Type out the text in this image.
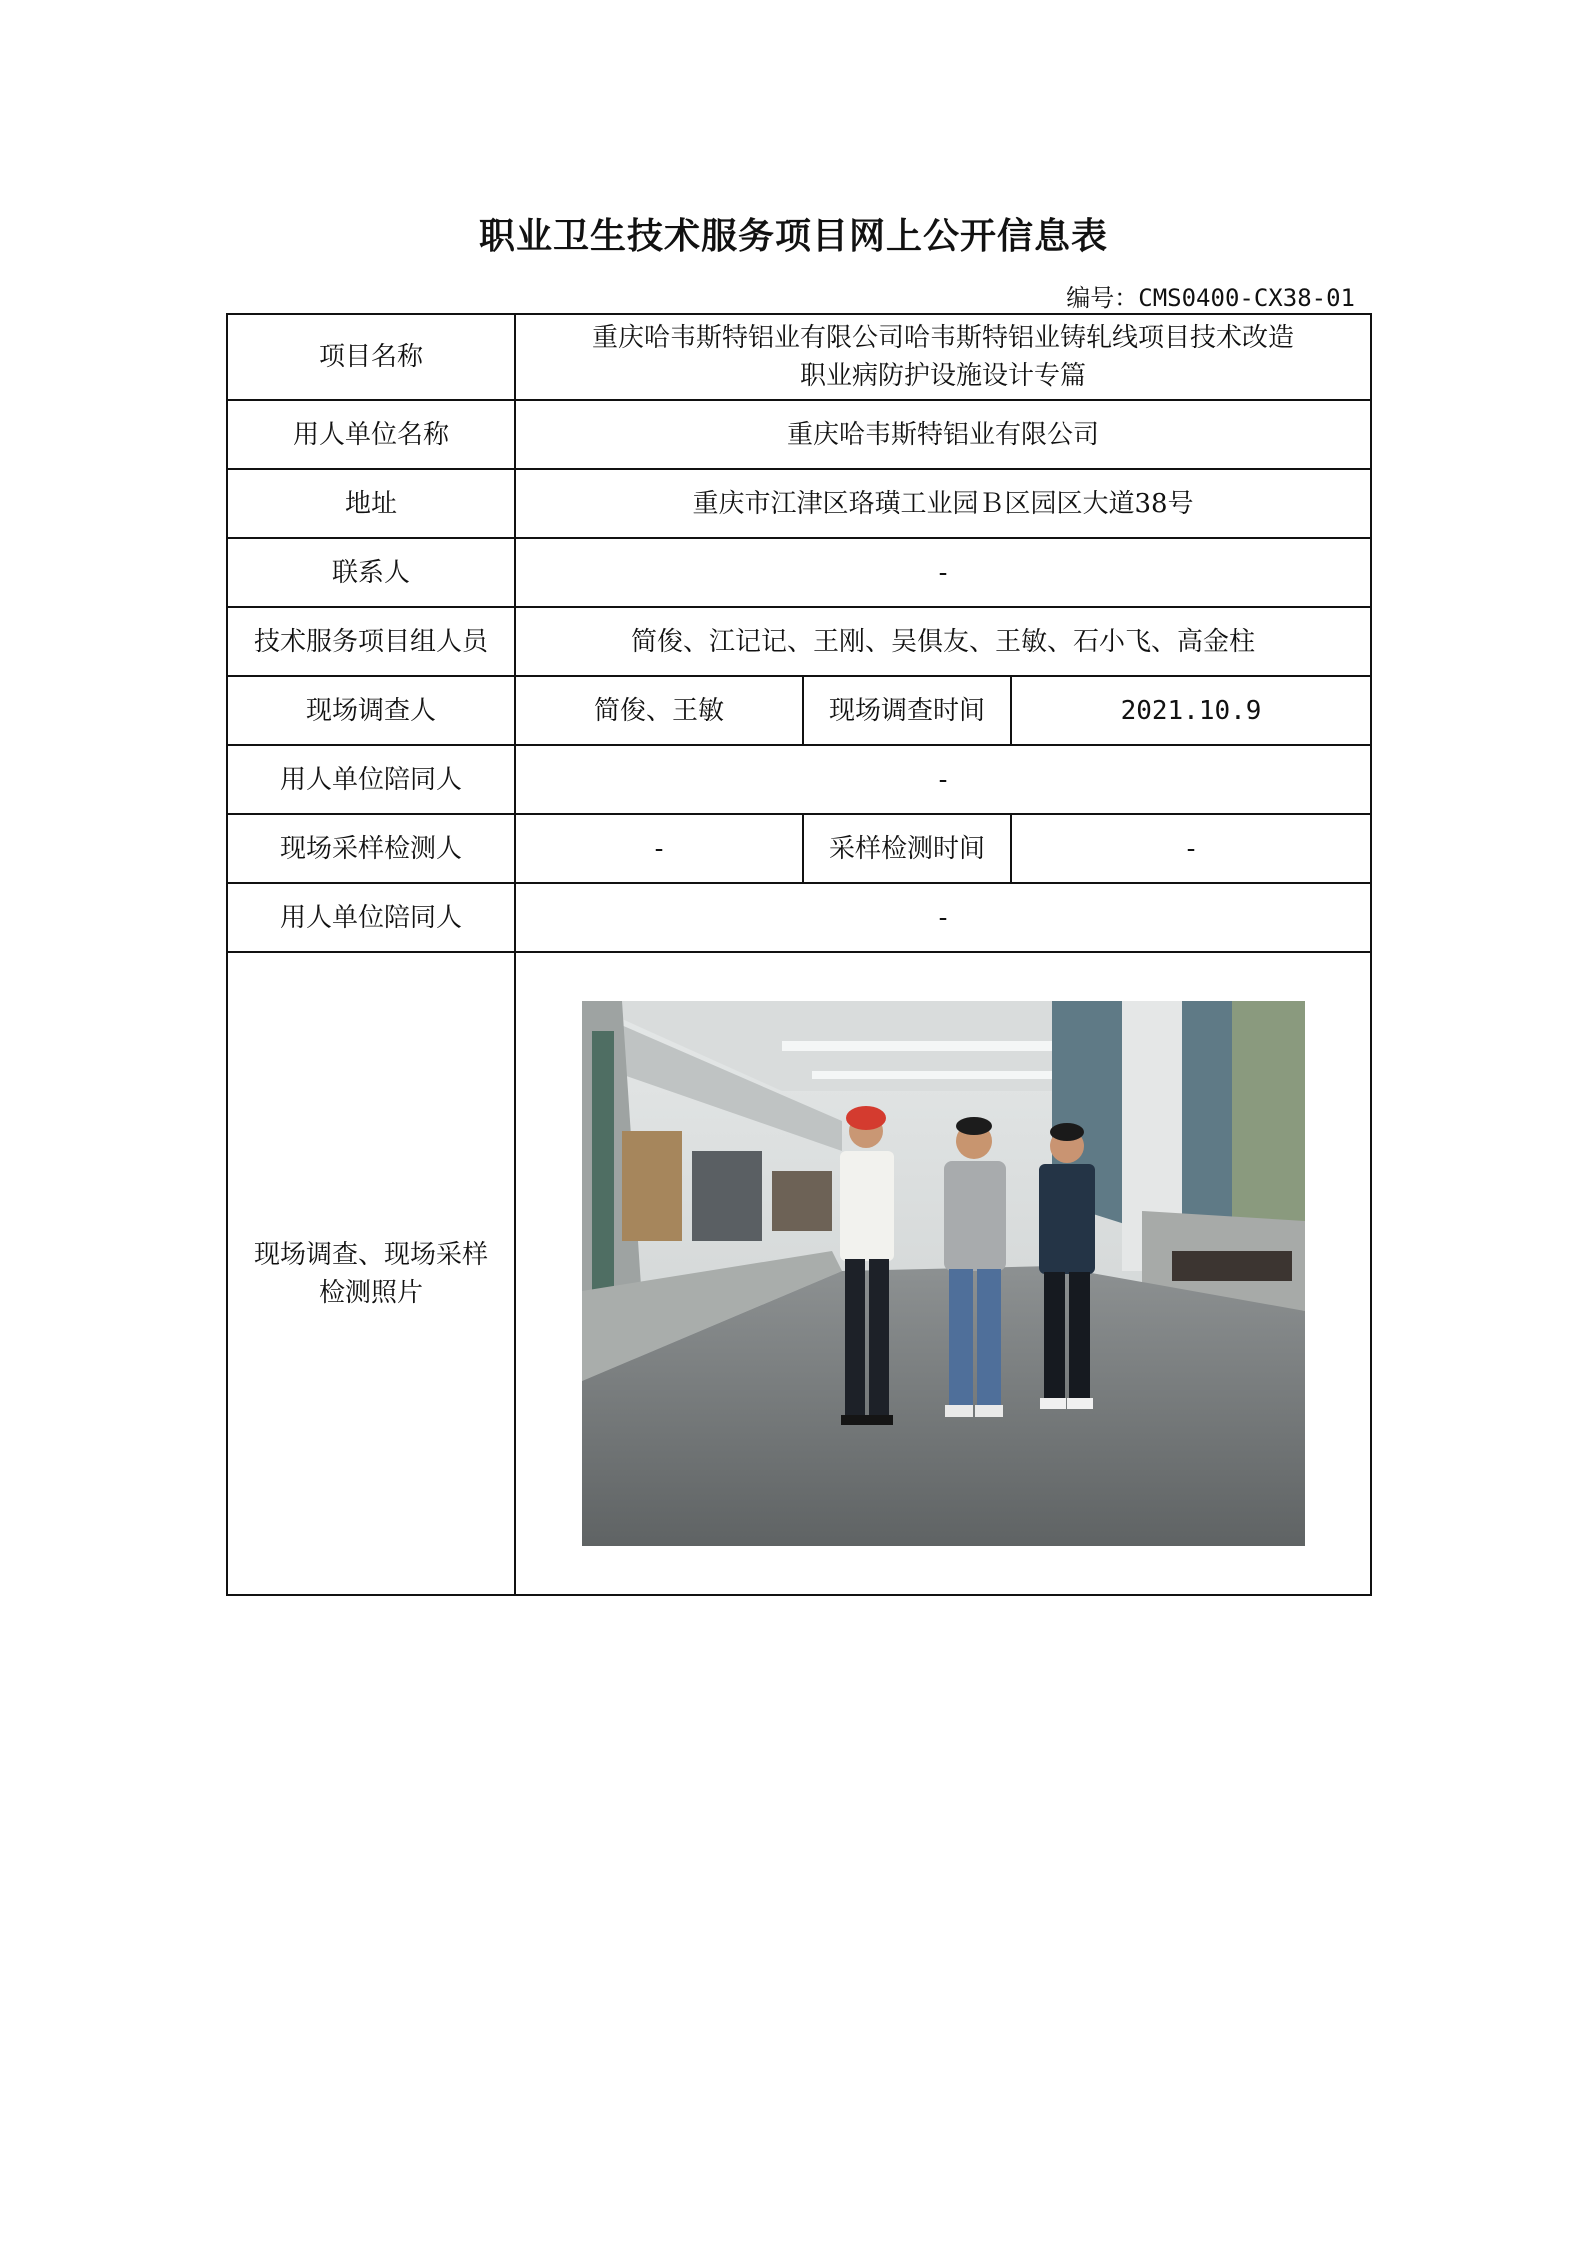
职业卫生技术服务项目网上公开信息表
编号：CMS0400-CX38-01
项目名称	重庆哈韦斯特铝业有限公司哈韦斯特铝业铸轧线项目技术改造
职业病防护设施设计专篇		

用人单位名称	重庆哈韦斯特铝业有限公司		
地址	重庆市江津区珞璜工业园Ｂ区园区大道38号		
联系人	-		
技术服务项目组人员	简俊、江记记、王刚、吴俱友、王敏、石小飞、高金柱		
现场调查人	简俊、王敏	现场调查时间	2021.10.9
用人单位陪同人	-		
现场采样检测人	-	采样检测时间	-
用人单位陪同人	-		

现场调查、现场采样
检测照片
